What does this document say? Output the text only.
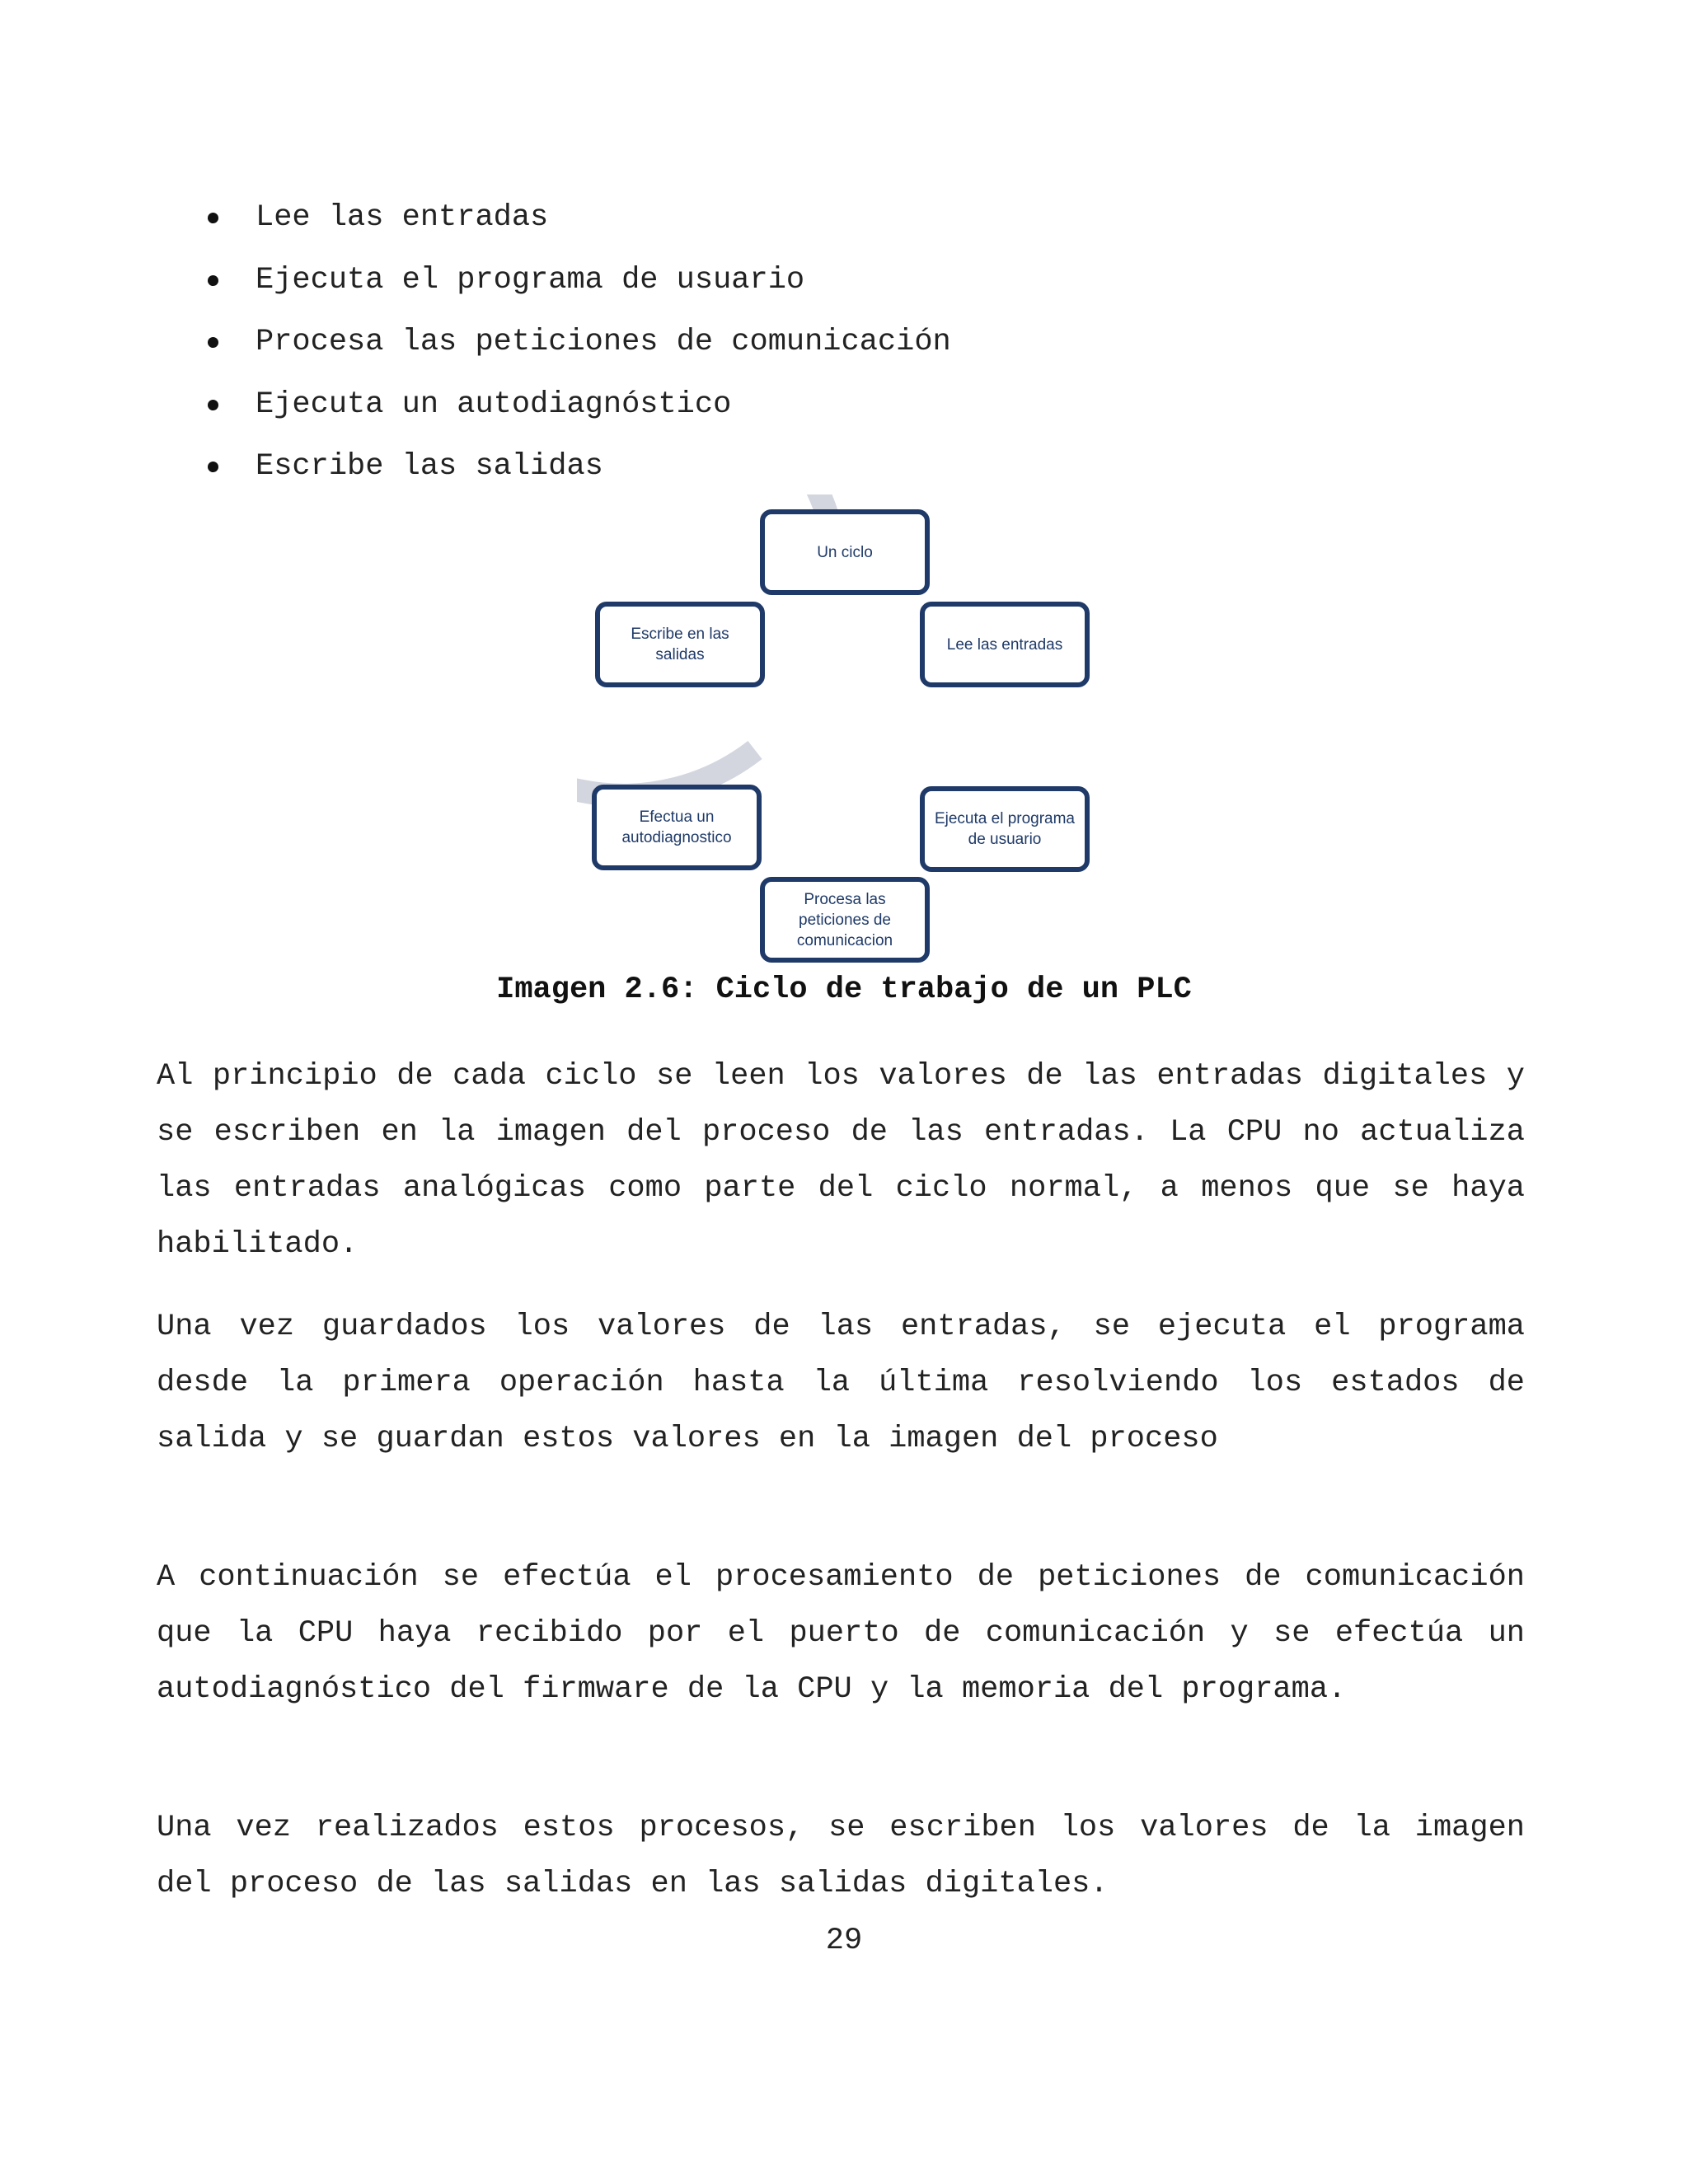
Lee las entradas
Ejecuta el programa de usuario
Procesa las peticiones de comunicación
Ejecuta un autodiagnóstico
Escribe las salidas
Un ciclo
Lee las entradas
Ejecuta el programa de usuario
Procesa las peticiones de comunicacion
Efectua un autodiagnostico
Escribe en las salidas
Imagen 2.6: Ciclo de trabajo de un PLC

Al principio de cada ciclo se leen los valores de las entradas digitales y se escriben en la imagen del proceso de las entradas. La CPU no actualiza las entradas analógicas como parte del ciclo normal, a menos que se haya habilitado.

Una vez guardados los valores de las entradas, se ejecuta el programa desde la primera operación hasta la última resolviendo los estados de salida y se guardan estos valores en la imagen del proceso

A continuación se efectúa el procesamiento de peticiones de comunicación que la CPU haya recibido por el puerto de comunicación y se efectúa un autodiagnóstico del firmware de la CPU y la memoria del programa.

Una vez realizados estos procesos, se escriben los valores de la imagen del proceso de las salidas en las salidas digitales.

29
